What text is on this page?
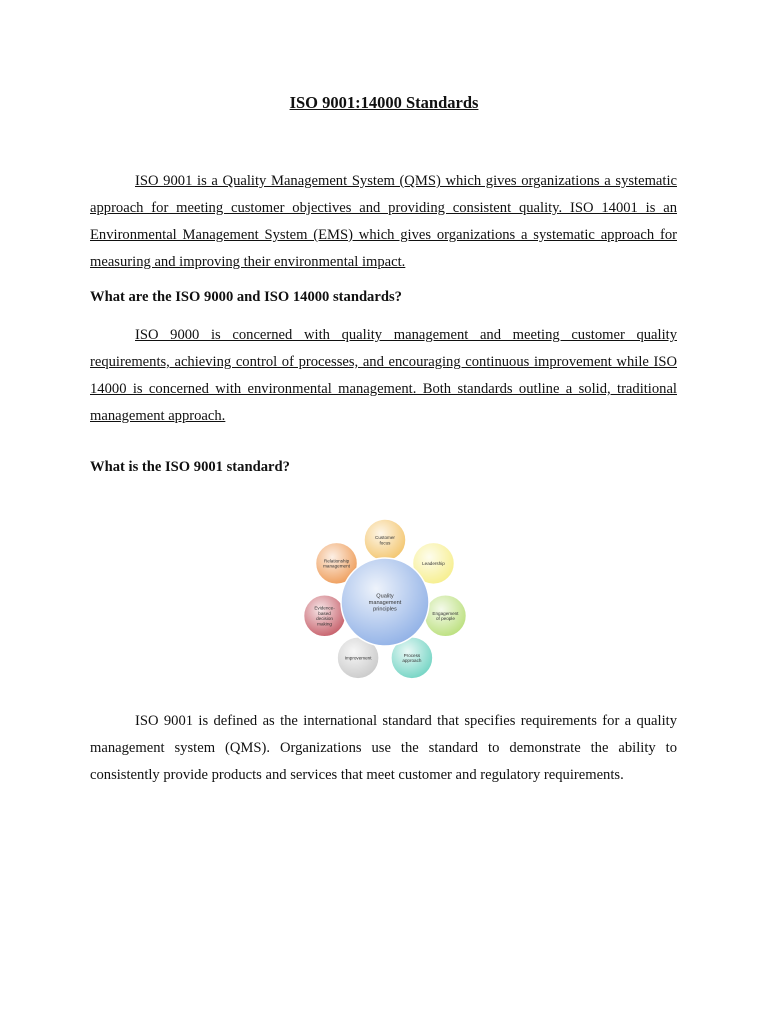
ISO 9001:14000 Standards

ISO 9001 is a Quality Management System (QMS) which gives organizations a systematic approach for meeting customer objectives and providing consistent quality. ISO 14001 is an Environmental Management System (EMS) which gives organizations a systematic approach for measuring and improving their environmental impact.

What are the ISO 9000 and ISO 14000 standards?

ISO 9000 is concerned with quality management and meeting customer quality requirements, achieving control of processes, and encouraging continuous improvement while ISO 14000 is concerned with environmental management. Both standards outline a solid, traditional management approach.

What is the ISO 9001 standard?

Customer focus
Leadership
Engagement of people
Process approach
Improvement
Evidence-based decision making
Relationship management
Quality management principles

ISO 9001 is defined as the international standard that specifies requirements for a quality management system (QMS). Organizations use the standard to demonstrate the ability to consistently provide products and services that meet customer and regulatory requirements.
